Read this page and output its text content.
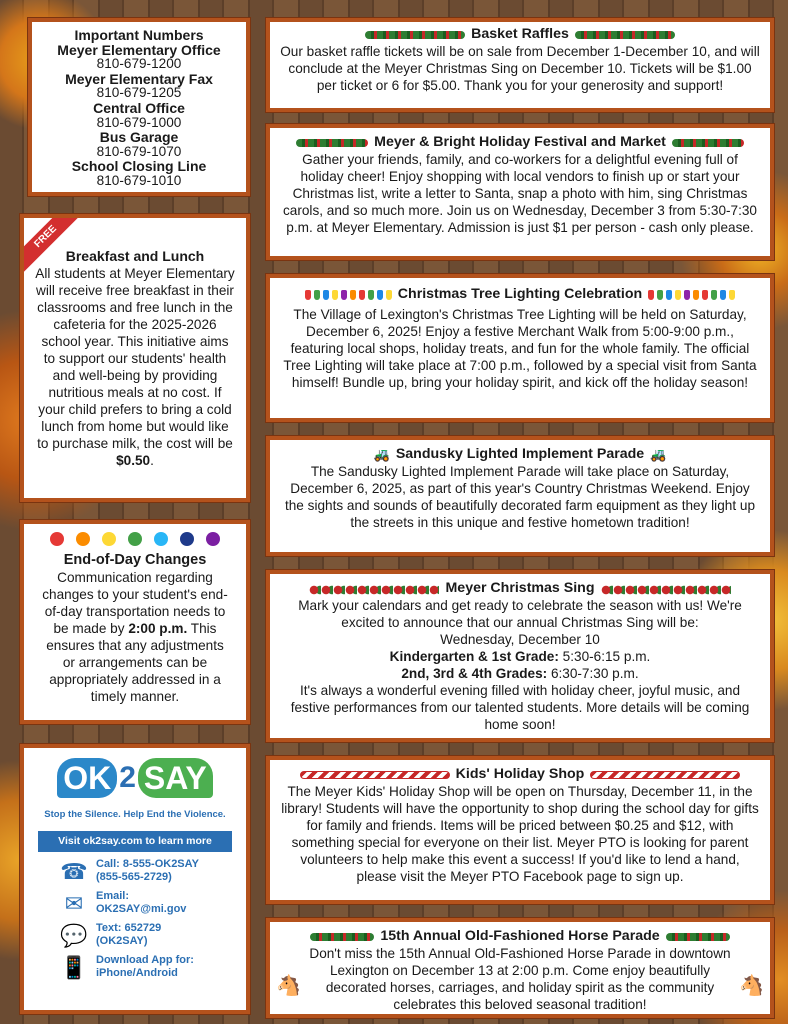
Important Numbers
Meyer Elementary Office
810-679-1200
Meyer Elementary Fax
810-679-1205
Central Office
810-679-1000
Bus Garage
810-679-1070
School Closing Line
810-679-1010
FREE
Breakfast and Lunch
All students at Meyer Elementary will receive free breakfast in their classrooms and free lunch in the cafeteria for the 2025-2026 school year. This initiative aims to support our students' health and well-being by providing nutritious meals at no cost. If your child prefers to bring a cold lunch from home but would like to purchase milk, the cost will be $0.50.
End-of-Day Changes
Communication regarding changes to your student's end-of-day transportation needs to be made by 2:00 p.m. This ensures that any adjustments or arrangements can be appropriately addressed in a timely manner.
OK 2 SAY
Stop the Silence. Help End the Violence.
Visit ok2say.com to learn more
☎ Call: 8-555-OK2SAY
(855-565-2729)
✉	Email:
OK2SAY@mi.gov
💬 Text: 652729
(OK2SAY)
📱 Download App for:
iPhone/Android
Basket Raffles
Our basket raffle tickets will be on sale from December 1-December 10, and will conclude at the Meyer Christmas Sing on December 10. Tickets will be $1.00 per ticket or 6 for $5.00. Thank you for your generosity and support!
Meyer & Bright Holiday Festival and Market
Gather your friends, family, and co-workers for a delightful evening full of holiday cheer! Enjoy shopping with local vendors to finish up or start your Christmas list, write a letter to Santa, snap a photo with him, sing Christmas carols, and so much more. Join us on Wednesday, December 3 from 5:30-7:30 p.m. at Meyer Elementary. Admission is just $1 per person - cash only please.
Christmas Tree Lighting Celebration
The Village of Lexington's Christmas Tree Lighting will be held on Saturday, December 6, 2025! Enjoy a festive Merchant Walk from 5:00-9:00 p.m., featuring local shops, holiday treats, and fun for the whole family. The official Tree Lighting will take place at 7:00 p.m., followed by a special visit from Santa himself! Bundle up, bring your holiday spirit, and kick off the holiday season!
🚜 Sandusky Lighted Implement Parade 🚜
The Sandusky Lighted Implement Parade will take place on Saturday, December 6, 2025, as part of this year's Country Christmas Weekend. Enjoy the sights and sounds of beautifully decorated farm equipment as they light up the streets in this unique and festive hometown tradition!
Meyer Christmas Sing
Mark your calendars and get ready to celebrate the season with us! We're excited to announce that our annual Christmas Sing will be:
Wednesday, December 10
Kindergarten & 1st Grade: 5:30-6:15 p.m.
2nd, 3rd & 4th Grades: 6:30-7:30 p.m.
It's always a wonderful evening filled with holiday cheer, joyful music, and festive performances from our talented students. More details will be coming home soon!
Kids' Holiday Shop
The Meyer Kids' Holiday Shop will be open on Thursday, December 11, in the library! Students will have the opportunity to shop during the school day for gifts for family and friends. Items will be priced between $0.25 and $12, with something special for everyone on their list. Meyer PTO is looking for parent volunteers to help make this event a success! If you'd like to lend a hand, please visit the Meyer PTO Facebook page to sign up.
15th Annual Old-Fashioned Horse Parade
🐴	🐴
Don't miss the 15th Annual Old-Fashioned Horse Parade in downtown Lexington on December 13 at 2:00 p.m. Come enjoy beautifully decorated horses, carriages, and holiday spirit as the community celebrates this beloved seasonal tradition!
